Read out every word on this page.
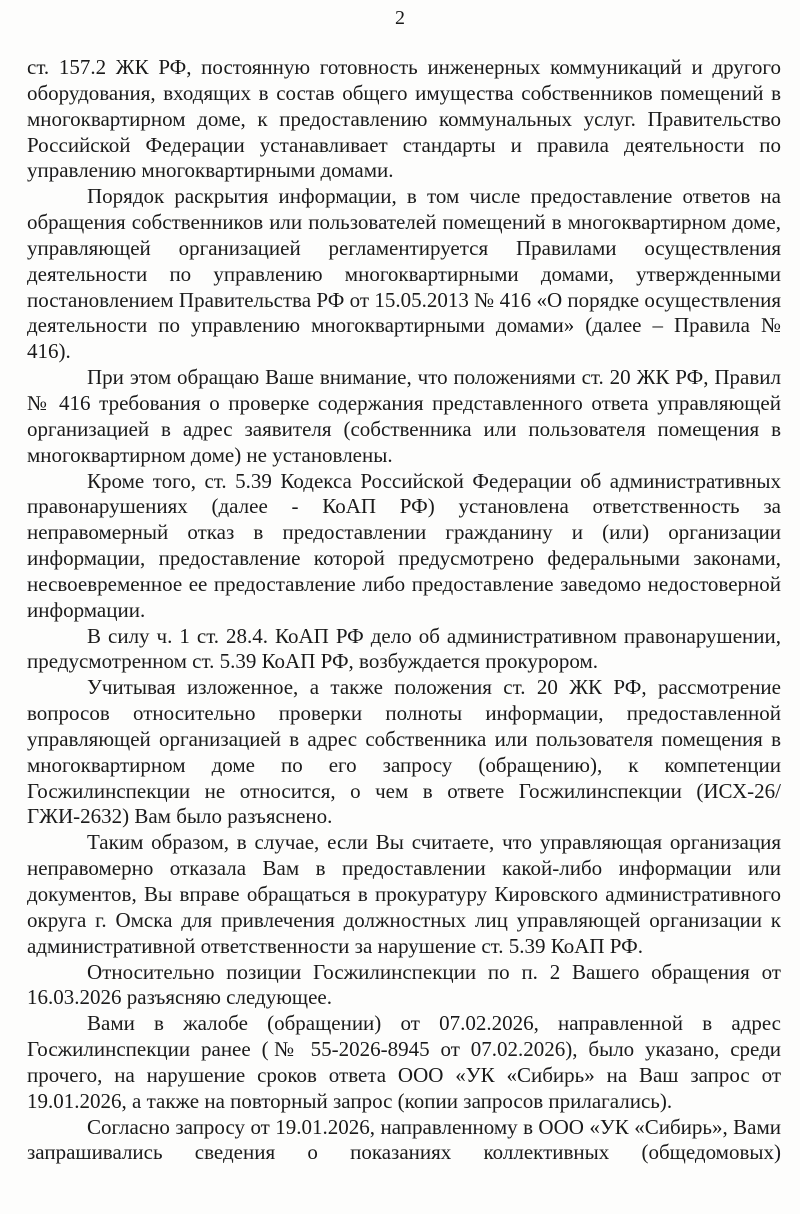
2

ст. 157.2 ЖК РФ, постоянную готовность инженерных коммуникаций и другого оборудования, входящих в состав общего имущества собственников помещений в многоквартирном доме, к предоставлению коммунальных услуг. Правительство Российской Федерации устанавливает стандарты и правила деятельности по управлению многоквартирными домами.

Порядок раскрытия информации, в том числе предоставление ответов на обращения собственников или пользователей помещений в многоквартирном доме, управляющей организацией регламентируется Правилами осуществления деятельности по управлению многоквартирными домами, утвержденными постановлением Правительства РФ от 15.05.2013 № 416 «О порядке осуществления деятельности по управлению многоквартирными домами» (далее – Правила № 416).

При этом обращаю Ваше внимание, что положениями ст. 20 ЖК РФ, Правил № 416 требования о проверке содержания представленного ответа управляющей организацией в адрес заявителя (собственника или пользователя помещения в многоквартирном доме) не установлены.

Кроме того, ст. 5.39 Кодекса Российской Федерации об административных правонарушениях (далее - КоАП РФ) установлена ответственность за неправомерный отказ в предоставлении гражданину и (или) организации информации, предоставление которой предусмотрено федеральными законами, несвоевременное ее предоставление либо предоставление заведомо недостоверной информации.

В силу ч. 1 ст. 28.4. КоАП РФ дело об административном правонарушении, предусмотренном ст. 5.39 КоАП РФ, возбуждается прокурором.

Учитывая изложенное, а также положения ст. 20 ЖК РФ, рассмотрение вопросов относительно проверки полноты информации, предоставленной управляющей организацией в адрес собственника или пользователя помещения в многоквартирном доме по его запросу (обращению), к компетенции Госжилинспекции не относится, о чем в ответе Госжилинспекции (ИСХ-26/ГЖИ-2632) Вам было разъяснено.

Таким образом, в случае, если Вы считаете, что управляющая организация неправомерно отказала Вам в предоставлении какой-либо информации или документов, Вы вправе обращаться в прокуратуру Кировского административного округа г. Омска для привлечения должностных лиц управляющей организации к административной ответственности за нарушение ст. 5.39 КоАП РФ.

Относительно позиции Госжилинспекции по п. 2 Вашего обращения от 16.03.2026 разъясняю следующее.

Вами в жалобе (обращении) от 07.02.2026, направленной в адрес Госжилинспекции ранее (№ 55-2026-8945 от 07.02.2026), было указано, среди прочего, на нарушение сроков ответа ООО «УК «Сибирь» на Ваш запрос от 19.01.2026, а также на повторный запрос (копии запросов прилагались).

Согласно запросу от 19.01.2026, направленному в ООО «УК «Сибирь», Вами запрашивались сведения о показаниях коллективных (общедомовых)
